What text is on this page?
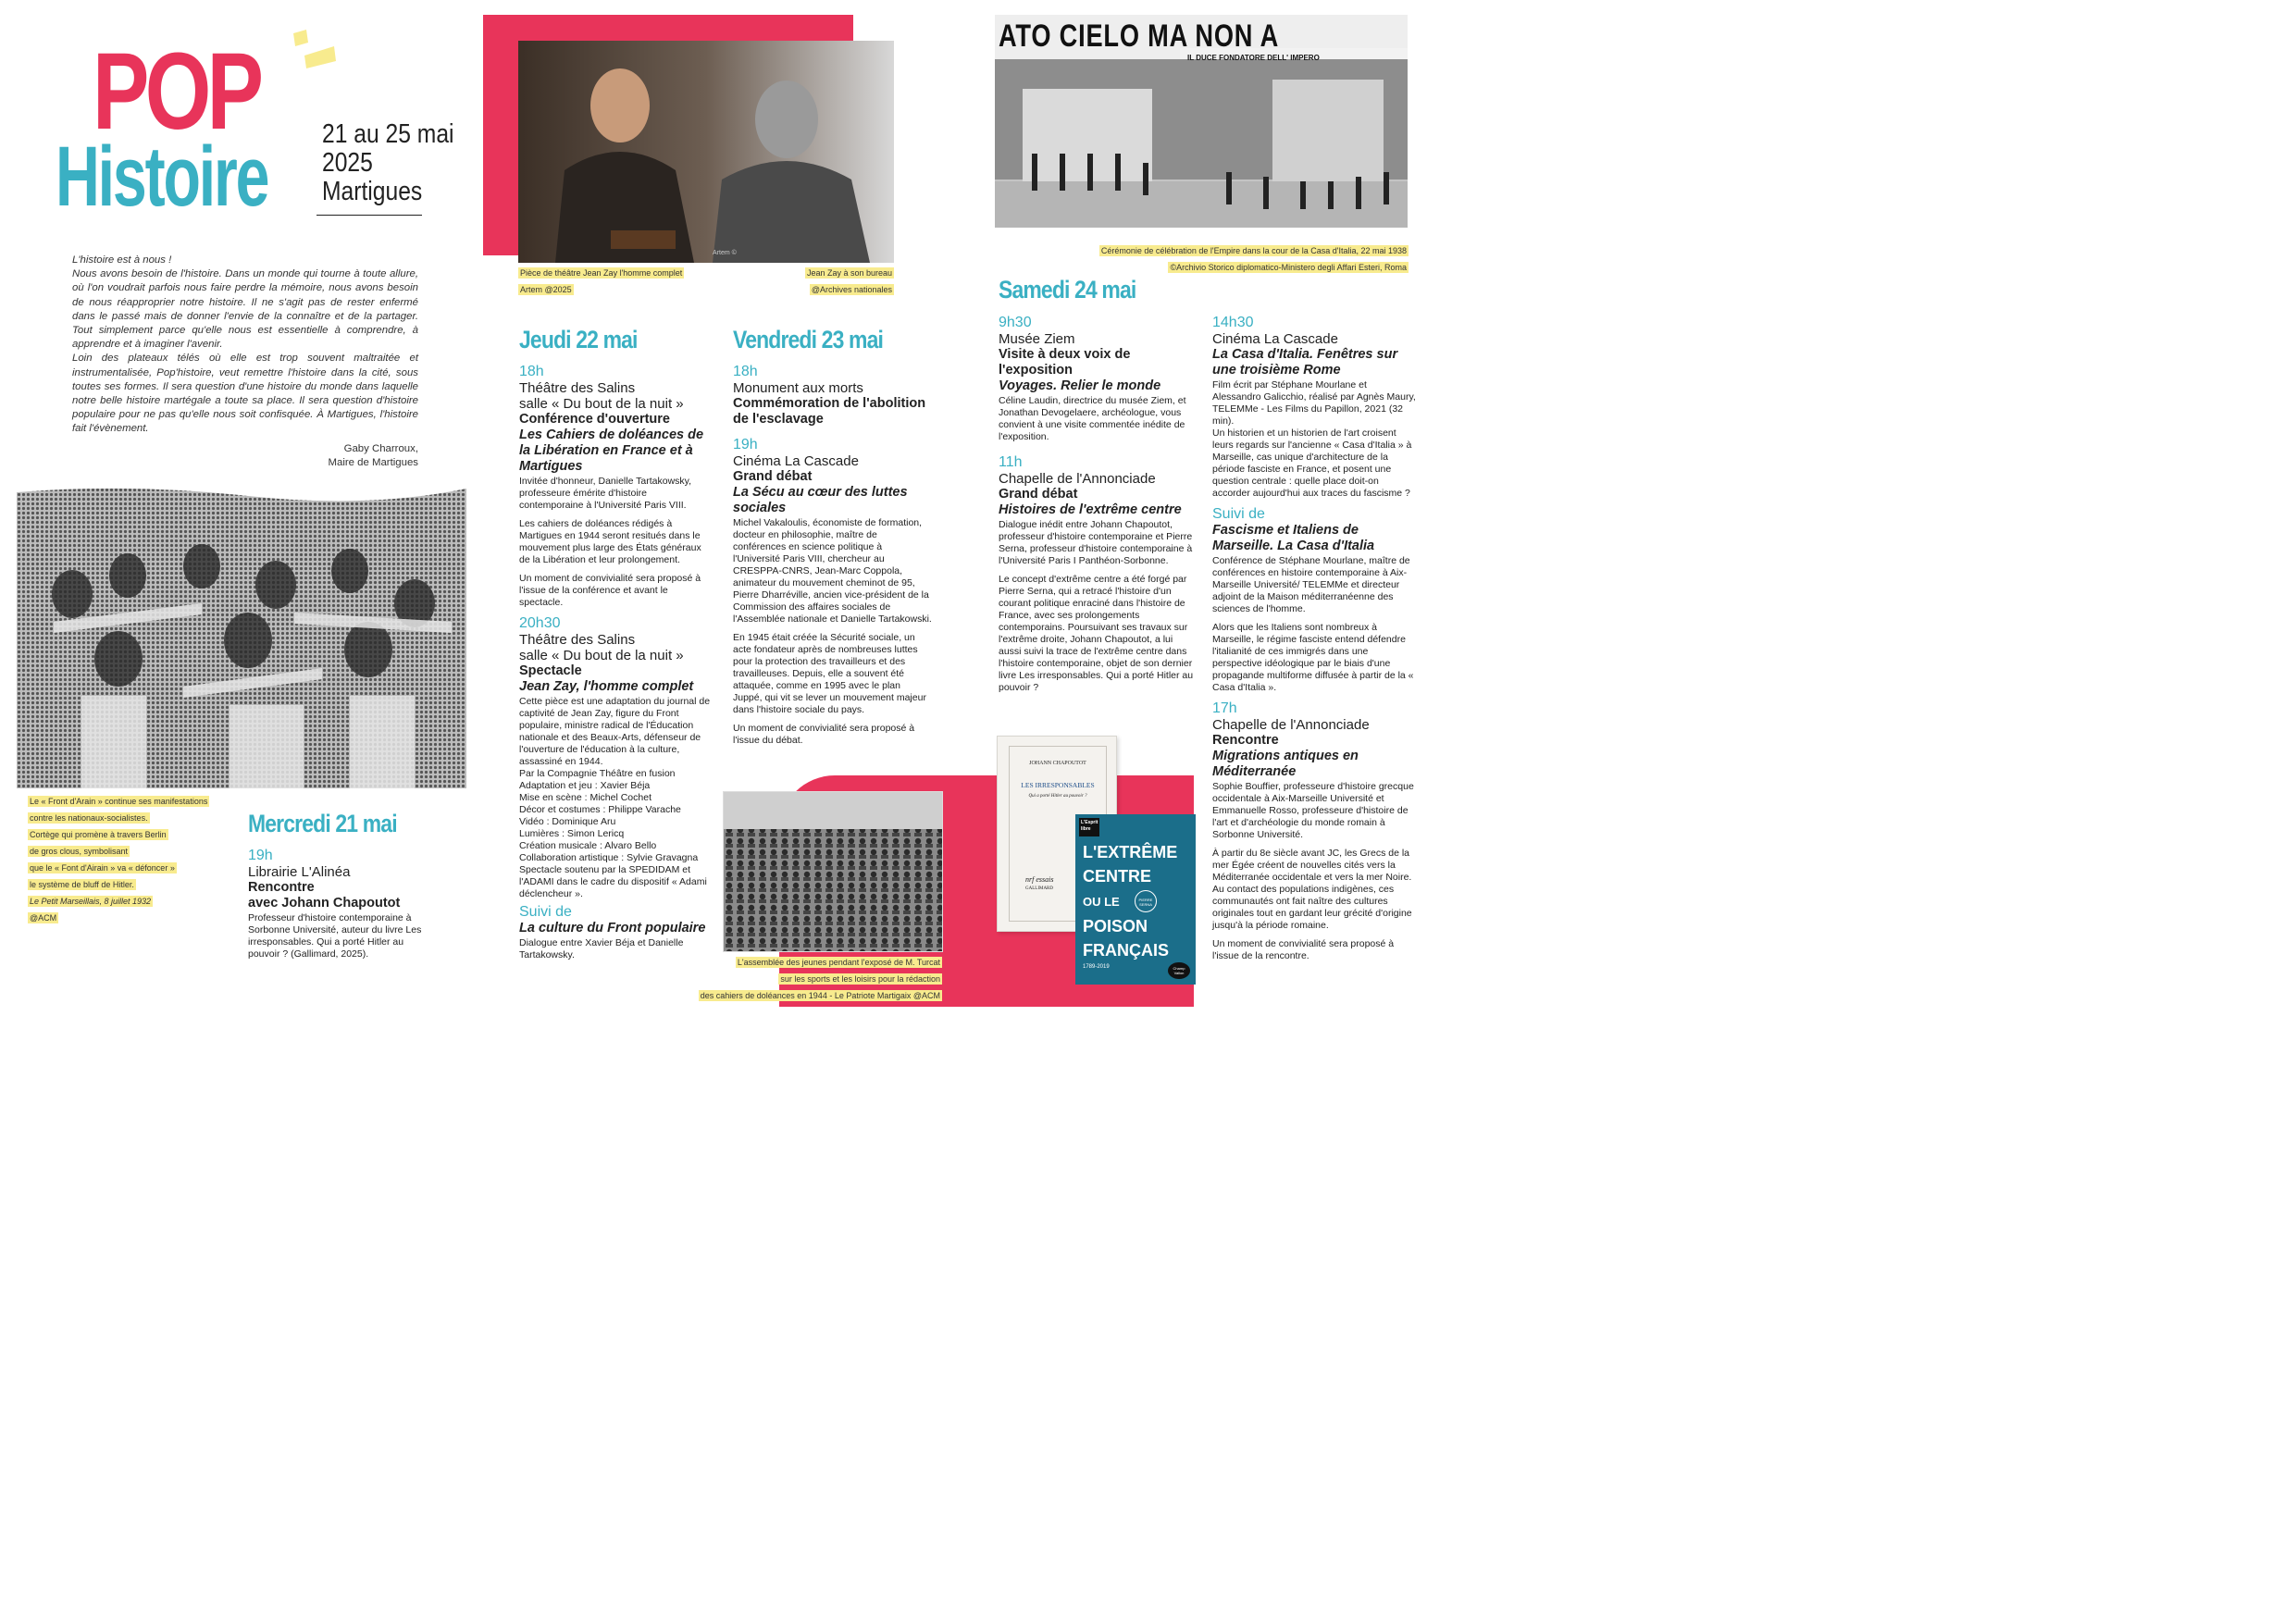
POP
Histoire 21 au 25 mai
2025
Martigues
L'histoire est à nous !
Nous avons besoin de l'histoire. Dans un monde qui tourne à toute allure, où l'on voudrait parfois nous faire perdre la mémoire, nous avons besoin de nous réapproprier notre histoire. Il ne s'agit pas de rester enfermé dans le passé mais de donner l'envie de la connaître et de la partager. Tout simplement parce qu'elle nous est essentielle à comprendre, à apprendre et à imaginer l'avenir.
Loin des plateaux télés où elle est trop souvent maltraitée et instrumentalisée, Pop'histoire, veut remettre l'histoire dans la cité, sous toutes ses formes. Il sera question d'une histoire du monde dans laquelle notre belle histoire martégale a toute sa place. Il sera question d'histoire populaire pour ne pas qu'elle nous soit confisquée. À Martigues, l'histoire fait l'évènement.
Gaby Charroux,
Maire de Martigues
Le « Front d'Arain » continue ses manifestations
contre les nationaux-socialistes.
Cortège qui promène à travers Berlin
de gros clous, symbolisant
que le « Font d'Airain » va « défoncer »
le système de bluff de Hitler.
Le Petit Marseillais, 8 juillet 1932
@ACM
Mercredi 21 mai
19h
Librairie L'Alinéa
Rencontre
avec Johann Chapoutot
Professeur d'histoire contemporaine à Sorbonne Université, auteur du livre Les irresponsables. Qui a porté Hitler au pouvoir ? (Gallimard, 2025).
Artem ©
Pièce de théâtre Jean Zay l'homme complet
Artem @2025
Jean Zay à son bureau
@Archives nationales
Jeudi 22 mai
18h
Théâtre des Salins
salle « Du bout de la nuit »
Conférence d'ouverture
Les Cahiers de doléances de la Libération en France et à Martigues

Invitée d'honneur, Danielle Tartakowsky, professeure émérite d'histoire contemporaine à l'Université Paris VIII.

Les cahiers de doléances rédigés à Martigues en 1944 seront resitués dans le mouvement plus large des États généraux de la Libération et leur prolongement.

Un moment de convivialité sera proposé à l'issue de la conférence et avant le spectacle.

20h30
Théâtre des Salins
salle « Du bout de la nuit »
Spectacle
Jean Zay, l'homme complet
Cette pièce est une adaptation du journal de captivité de Jean Zay, figure du Front populaire, ministre radical de l'Éducation nationale et des Beaux-Arts, défenseur de l'ouverture de l'éducation à la culture, assassiné en 1944.
Par la Compagnie Théâtre en fusion
Adaptation et jeu : Xavier Béja
Mise en scène : Michel Cochet
Décor et costumes : Philippe Varache
Vidéo : Dominique Aru
Lumières : Simon Lericq
Création musicale : Alvaro Bello
Collaboration artistique : Sylvie Gravagna
Spectacle soutenu par la SPEDIDAM et l'ADAMI dans le cadre du dispositif « Adami déclencheur ».
Suivi de
La culture du Front populaire
Dialogue entre Xavier Béja et Danielle Tartakowsky.
Vendredi 23 mai
18h
Monument aux morts
Commémoration de l'abolition de l'esclavage
19h
Cinéma La Cascade
Grand débat
La Sécu au cœur des luttes sociales

Michel Vakaloulis, économiste de formation, docteur en philosophie, maître de conférences en science politique à l'Université Paris VIII, chercheur au CRESPPA-CNRS, Jean-Marc Coppola, animateur du mouvement cheminot de 95, Pierre Dharréville, ancien vice-président de la Commission des affaires sociales de l'Assemblée nationale et Danielle Tartakowski.

En 1945 était créée la Sécurité sociale, un acte fondateur après de nombreuses luttes pour la protection des travailleurs et des travailleuses. Depuis, elle a souvent été attaquée, comme en 1995 avec le plan Juppé, qui vit se lever un mouvement majeur dans l'histoire sociale du pays.

Un moment de convivialité sera proposé à l'issue du débat.

L'assemblée des jeunes pendant l'exposé de M. Turcat
sur les sports et les loisirs pour la rédaction
des cahiers de doléances en 1944 - Le Patriote Martigaix @ACM
JOHANN CHAPOUTOT
LES IRRESPONSABLES
Qui a porté Hitler au pouvoir ?
nrf essais
GALLIMARD
L'Esprit libre
L'EXTRÊME
CENTRE
OU LE
POISON
FRANÇAIS
PIERRE SERNA
1789-2019	Champ Vallon
ATO CIELO MA NON A
IL DUCE FONDATORE DELL' IMPERO
Cérémonie de célébration de l'Empire dans la cour de la Casa d'Italia, 22 mai 1938
©Archivio Storico diplomatico-Ministero degli Affari Esteri, Roma
Samedi 24 mai
9h30
Musée Ziem
Visite à deux voix de l'exposition
Voyages. Relier le monde
Céline Laudin, directrice du musée Ziem, et Jonathan Devogelaere, archéologue, vous convient à une visite commentée inédite de l'exposition.
11h
Chapelle de l'Annonciade
Grand débat
Histoires de l'extrême centre

Dialogue inédit entre Johann Chapoutot, professeur d'histoire contemporaine et Pierre Serna, professeur d'histoire contemporaine à l'Université Paris I Panthéon-Sorbonne.

Le concept d'extrême centre a été forgé par Pierre Serna, qui a retracé l'histoire d'un courant politique enraciné dans l'histoire de France, avec ses prolongements contemporains. Poursuivant ses travaux sur l'extrême droite, Johann Chapoutot, a lui aussi suivi la trace de l'extrême centre dans l'histoire contemporaine, objet de son dernier livre Les irresponsables. Qui a porté Hitler au pouvoir ?

14h30
Cinéma La Cascade
La Casa d'Italia. Fenêtres sur une troisième Rome
Film écrit par Stéphane Mourlane et Alessandro Galicchio, réalisé par Agnès Maury, TELEMMe - Les Films du Papillon, 2021 (32 min).

Un historien et un historien de l'art croisent leurs regards sur l'ancienne « Casa d'Italia » à Marseille, cas unique d'architecture de la période fasciste en France, et posent une question centrale : quelle place doit-on accorder aujourd'hui aux traces du fascisme ?

Suivi de
Fascisme et Italiens de Marseille. La Casa d'Italia

Conférence de Stéphane Mourlane, maître de conférences en histoire contemporaine à Aix-Marseille Université/ TELEMMe et directeur adjoint de la Maison méditerranéenne des sciences de l'homme.

Alors que les Italiens sont nombreux à Marseille, le régime fasciste entend défendre l'italianité de ces immigrés dans une perspective idéologique par le biais d'une propagande multiforme diffusée à partir de la « Casa d'Italia ».

17h
Chapelle de l'Annonciade
Rencontre
Migrations antiques en Méditerranée

Sophie Bouffier, professeure d'histoire grecque occidentale à Aix-Marseille Université et Emmanuelle Rosso, professeure d'histoire de l'art et d'archéologie du monde romain à Sorbonne Université.

À partir du 8e siècle avant JC, les Grecs de la mer Égée créent de nouvelles cités vers la Méditerranée occidentale et vers la mer Noire. Au contact des populations indigènes, ces communautés ont fait naître des cultures originales tout en gardant leur grécité d'origine jusqu'à la période romaine.

Un moment de convivialité sera proposé à l'issue de la rencontre.
